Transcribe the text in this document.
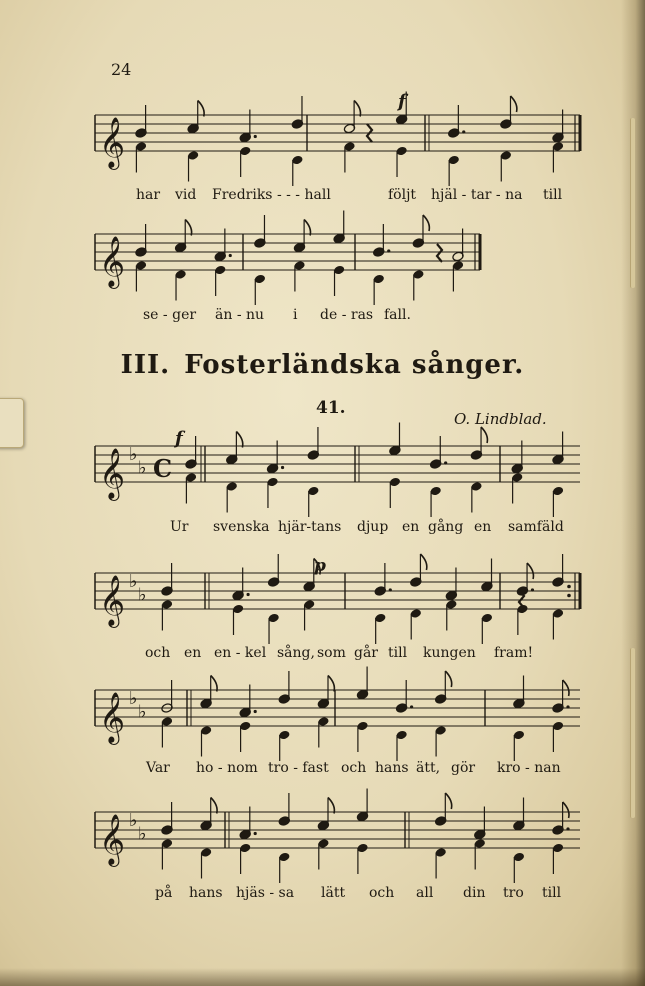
24
𝄞
𝄞
𝄞 ♭
♭ C
𝄞 ♭
♭
𝄞 ♭
♭
𝄞 ♭
♭
f
f
p
har vid Fredriks - - - hall	följt hjäl - tar - na till
se - ger än - nu i de - ras fall.
III. Fosterländska sånger.
41.
O. Lindblad.
Ur svenska hjär-tans djup en gång en samfäld
och en en - kel sång, som går till kungen fram!
Var ho - nom tro - fast och hans ätt, gör kro - nan
på hans hjäs - sa lätt och all din tro till
